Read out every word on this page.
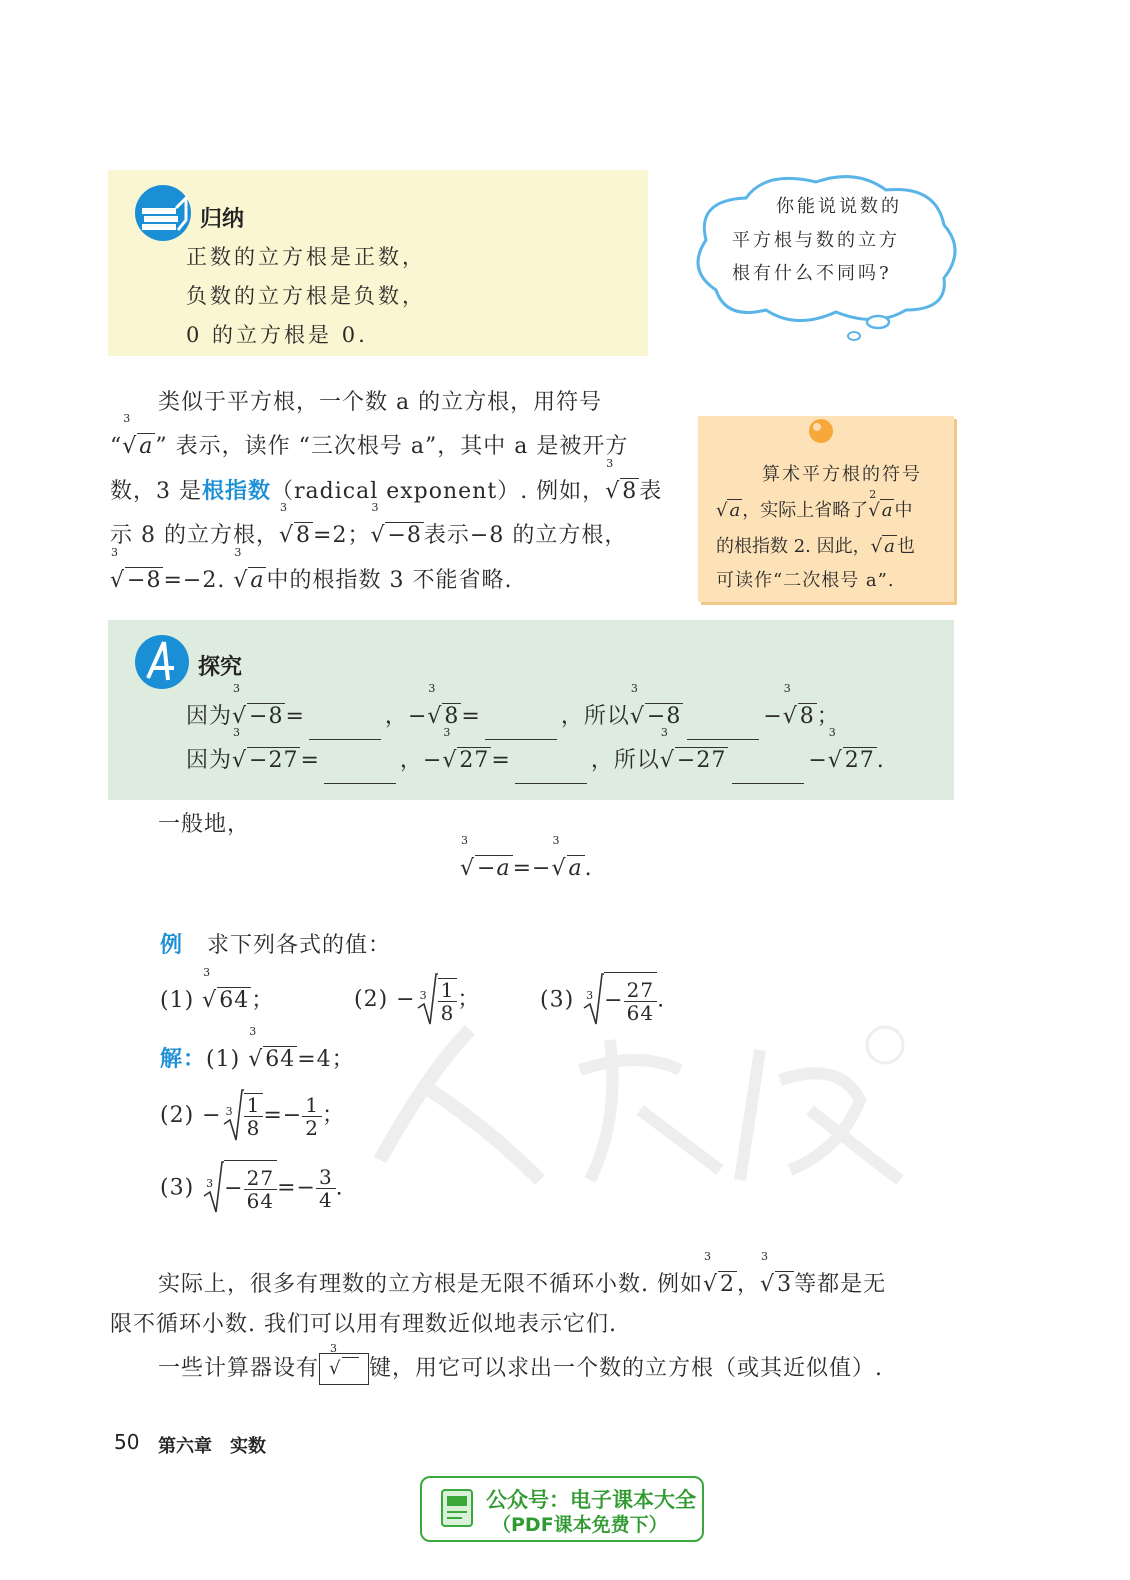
归纳
正数的立方根是正数，
负数的立方根是负数，
0 的立方根是 0.
你能说说数的
平方根与数的立方
根有什么不同吗?
类似于平方根，一个数 a 的立方根，用符号
“
3
√a” 表示，读作 “三次根号 a”，其中 a 是被开方
数，3 是根指数（radical exponent）. 例如，
3
√8表
示 8 的立方根，
3
√8=2；
3
√−8表示−8 的立方根，
3
√−8=−2.
3
√a中的根指数 3 不能省略.
算术平方根的符号
√ a ，实际上省略了
2
√ a 中
的根指数 2. 因此，√ a 也
可读作“二次根号 a”.
探究
因为
3
√−8=	，−
3
√8=	，所以
3
√−8	−
3
√8；
因为
3
√−27=	，−
3
√27=	，所以
3
√−27	−
3
√27.
一般地，
3
√−a=−
3
√a.
例 求下列各式的值：
(1)
3
√64；	$(2) - 3 \frac{1}{8}$ ；	(3) $3 - \frac{27}{64}$ .
解：(1)
3
√64=4；
$(2) - 3 \frac{1}{8} =- \frac{1}{2}$ ；
(3) $3 - \frac{27}{64} =- \frac{3}{4}$ .
实际上，很多有理数的立方根是无限不循环小数. 例如
3
√2，
3
√3等都是无
限不循环小数. 我们可以用有理数近似地表示它们.
一些计算器设有
3
√ 键，用它可以求出一个数的立方根（或其近似值）.
50 第六章　实数
公众号：电子课本大全
（PDF课本免费下）
